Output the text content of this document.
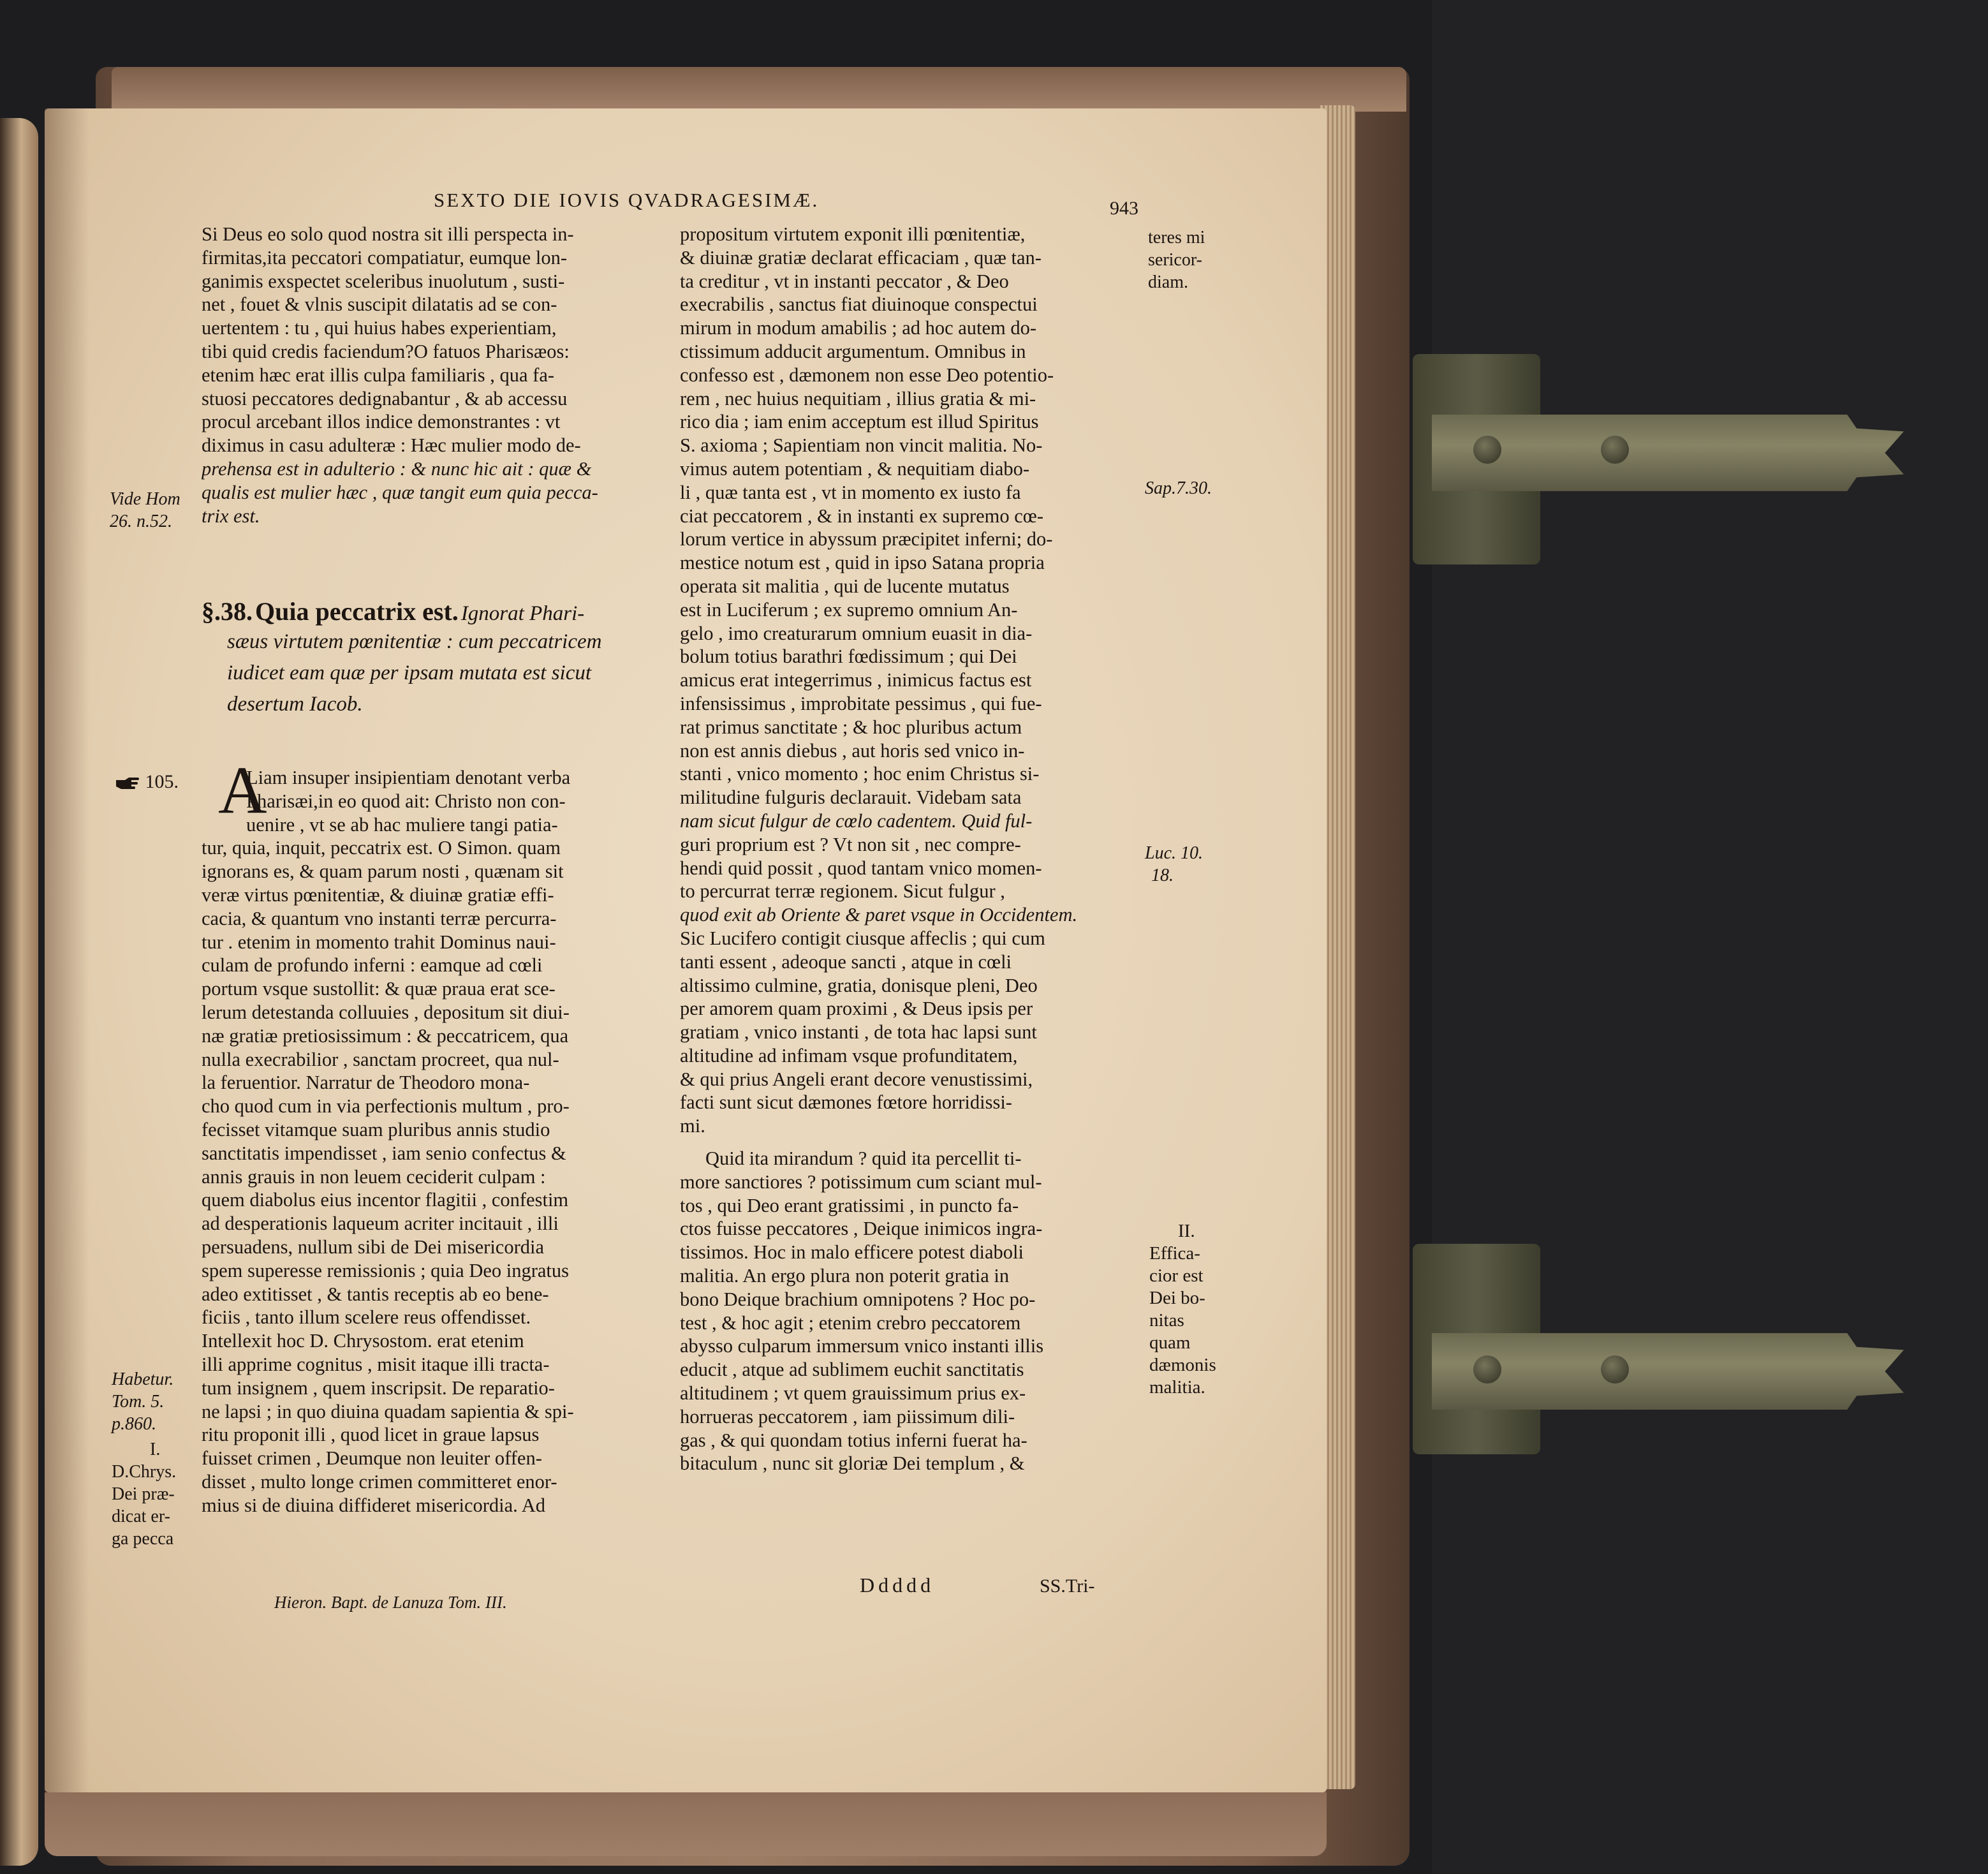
SEXTO DIE IOVIS QVADRAGESIMÆ.	943
Si Deus eo solo quod nostra sit illi perspecta in-
firmitas,ita peccatori compatiatur, eumque lon-
ganimis exspectet sceleribus inuolutum , susti-
net , fouet & vlnis suscipit dilatatis ad se con-
uertentem : tu , qui huius habes experientiam,
tibi quid credis faciendum?O fatuos Pharisæos:
etenim hæc erat illis culpa familiaris , qua fa-
stuosi peccatores dedignabantur , & ab accessu
procul arcebant illos indice demonstrantes : vt
diximus in casu adulteræ : Hæc mulier modo de-
prehensa est in adulterio : & nunc hic ait : quæ &
qualis est mulier hæc , quæ tangit eum quia pecca-
trix est.
§.38. Quia peccatrix est. Ignorat Phari-
sæus virtutem pœnitentiæ : cum peccatricem
iudicet eam quæ per ipsam mutata est sicut
desertum Iacob.
105. A
Liam insuper insipientiam denotant verba
Pharisæi,in eo quod ait: Christo non con-
uenire , vt se ab hac muliere tangi patia-
tur, quia, inquit, peccatrix est. O Simon. quam
ignorans es, & quam parum nosti , quænam sit
veræ virtus pœnitentiæ, & diuinæ gratiæ effi-
cacia, & quantum vno instanti terræ percurra-
tur . etenim in momento trahit Dominus naui-
culam de profundo inferni : eamque ad cœli
portum vsque sustollit: & quæ praua erat sce-
lerum detestanda colluuies , depositum sit diui-
næ gratiæ pretiosissimum : & peccatricem, qua
nulla execrabilior , sanctam procreet, qua nul-
la feruentior. Narratur de Theodoro mona-
cho quod cum in via perfectionis multum , pro-
fecisset vitamque suam pluribus annis studio
sanctitatis impendisset , iam senio confectus &
annis grauis in non leuem ceciderit culpam :
quem diabolus eius incentor flagitii , confestim
ad desperationis laqueum acriter incitauit , illi
persuadens, nullum sibi de Dei misericordia
spem superesse remissionis ; quia Deo ingratus
adeo extitisset , & tantis receptis ab eo bene-
ficiis , tanto illum scelere reus offendisset.
Intellexit hoc D. Chrysostom. erat etenim
illi apprime cognitus , misit itaque illi tracta-
tum insignem , quem inscripsit. De reparatio-
ne lapsi ; in quo diuina quadam sapientia & spi-
ritu proponit illi , quod licet in graue lapsus
fuisset crimen , Deumque non leuiter offen-
disset , multo longe crimen committeret enor-
mius si de diuina diffideret misericordia. Ad
propositum virtutem exponit illi pœnitentiæ,
& diuinæ gratiæ declarat efficaciam , quæ tan-
ta creditur , vt in instanti peccator , & Deo
execrabilis , sanctus fiat diuinoque conspectui
mirum in modum amabilis ; ad hoc autem do-
ctissimum adducit argumentum. Omnibus in
confesso est , dæmonem non esse Deo potentio-
rem , nec huius nequitiam , illius gratia & mi-
rico dia ; iam enim acceptum est illud Spiritus
S. axioma ; Sapientiam non vincit malitia. No-
vimus autem potentiam , & nequitiam diabo-
li , quæ tanta est , vt in momento ex iusto fa
ciat peccatorem , & in instanti ex supremo cœ-
lorum vertice in abyssum præcipitet inferni; do-
mestice notum est , quid in ipso Satana propria
operata sit malitia , qui de lucente mutatus
est in Luciferum ; ex supremo omnium An-
gelo , imo creaturarum omnium euasit in dia-
bolum totius barathri fœdissimum ; qui Dei
amicus erat integerrimus , inimicus factus est
infensissimus , improbitate pessimus , qui fue-
rat primus sanctitate ; & hoc pluribus actum
non est annis diebus , aut horis sed vnico in-
stanti , vnico momento ; hoc enim Christus si-
militudine fulguris declarauit. Videbam sata
nam sicut fulgur de cœlo cadentem. Quid ful-
guri proprium est ? Vt non sit , nec compre-
hendi quid possit , quod tantam vnico momen-
to percurrat terræ regionem. Sicut fulgur ,
quod exit ab Oriente & paret vsque in Occidentem.
Sic Lucifero contigit ciusque affeclis ; qui cum
tanti essent , adeoque sancti , atque in cœli
altissimo culmine, gratia, donisque pleni, Deo
per amorem quam proximi , & Deus ipsis per
gratiam , vnico instanti , de tota hac lapsi sunt
altitudine ad infimam vsque profunditatem,
& qui prius Angeli erant decore venustissimi,
facti sunt sicut dæmones fœtore horridissi-
mi.
Quid ita mirandum ? quid ita percellit ti-
more sanctiores ? potissimum cum sciant mul-
tos , qui Deo erant gratissimi , in puncto fa-
ctos fuisse peccatores , Deique inimicos ingra-
tissimos. Hoc in malo efficere potest diaboli
malitia. An ergo plura non poterit gratia in
bono Deique brachium omnipotens ? Hoc po-
test , & hoc agit ; etenim crebro peccatorem
abysso culparum immersum vnico instanti illis
educit , atque ad sublimem euchit sanctitatis
altitudinem ; vt quem grauissimum prius ex-
horrueras peccatorem , iam piissimum dili-
gas , & qui quondam totius inferni fuerat ha-
bitaculum , nunc sit gloriæ Dei templum , &
Vide Hom
26. n.52.
Habetur.
Tom. 5.
p.860.
I.
D.Chrys.
Dei præ-
dicat er-
ga pecca
teres mi
sericor-
diam.
Sap.7.30.
Luc. 10.
18.
II.
Effica-
cior est
Dei bo-
nitas
quam
dæmonis
malitia.
Ddddd	SS.Tri-
Hieron. Bapt. de Lanuza Tom. III.
